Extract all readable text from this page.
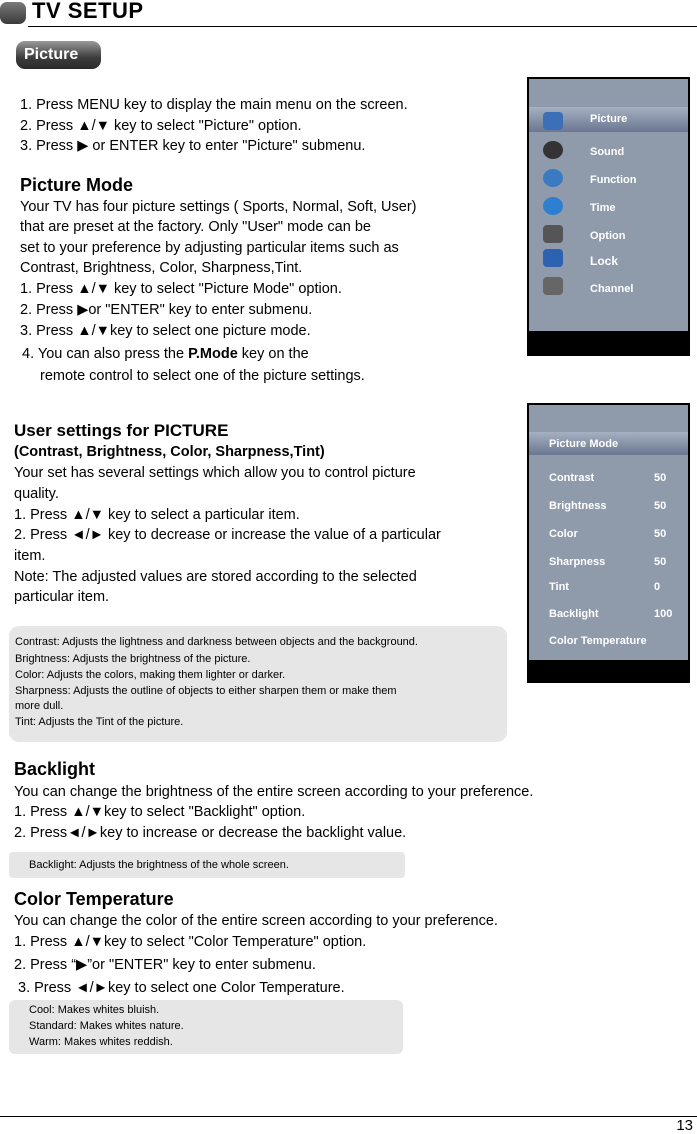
TV SETUP
Picture
1. Press MENU key to display the main menu on the screen.
2. Press ▲/▼ key to select "Picture" option.
3. Press ▶ or ENTER key to enter "Picture" submenu.
Picture Mode
Your TV has four picture settings ( Sports, Normal, Soft, User)
that are preset at the factory. Only "User" mode can be
set to your preference by adjusting particular items such as
Contrast, Brightness, Color, Sharpness,Tint.
1. Press ▲/▼ key to select "Picture Mode" option.
2. Press ▶or "ENTER" key to enter submenu.
3. Press ▲/▼key to select one picture mode.
4. You can also press the P.Mode key on the
remote control to select one of the picture settings.
Picture
Sound
Function
Time
Option
Lock
Channel
User settings for PICTURE
(Contrast, Brightness, Color, Sharpness,Tint)
Your set has several settings which allow you to control picture
quality.
1. Press ▲/▼ key to select a particular item.
2. Press ◄/► key to decrease or increase the value of a particular
item.
Note: The adjusted values are stored according to the selected
particular item.
Picture Mode
Contrast	50
Brightness	50
Color	50
Sharpness	50
Tint	0
Backlight	100
Color Temperature
Contrast: Adjusts the lightness and darkness between objects and the background.
Brightness: Adjusts the brightness of the picture.
Color: Adjusts the colors, making them lighter or darker.
Sharpness: Adjusts the outline of objects to either sharpen them or make them
more dull.
Tint: Adjusts the Tint of the picture.
Backlight
You can change the brightness of the entire screen according to your preference.
1. Press ▲/▼key to select "Backlight" option.
2. Press◄/►key to increase or decrease the backlight value.
Backlight: Adjusts the brightness of the whole screen.
Color Temperature
You can change the color of the entire screen according to your preference.
1. Press ▲/▼key to select "Color Temperature" option.
2. Press “▶”or "ENTER" key to enter submenu.
3. Press ◄/►key to select one Color Temperature.
Cool: Makes whites bluish.
Standard: Makes whites nature.
Warm: Makes whites reddish.
13
